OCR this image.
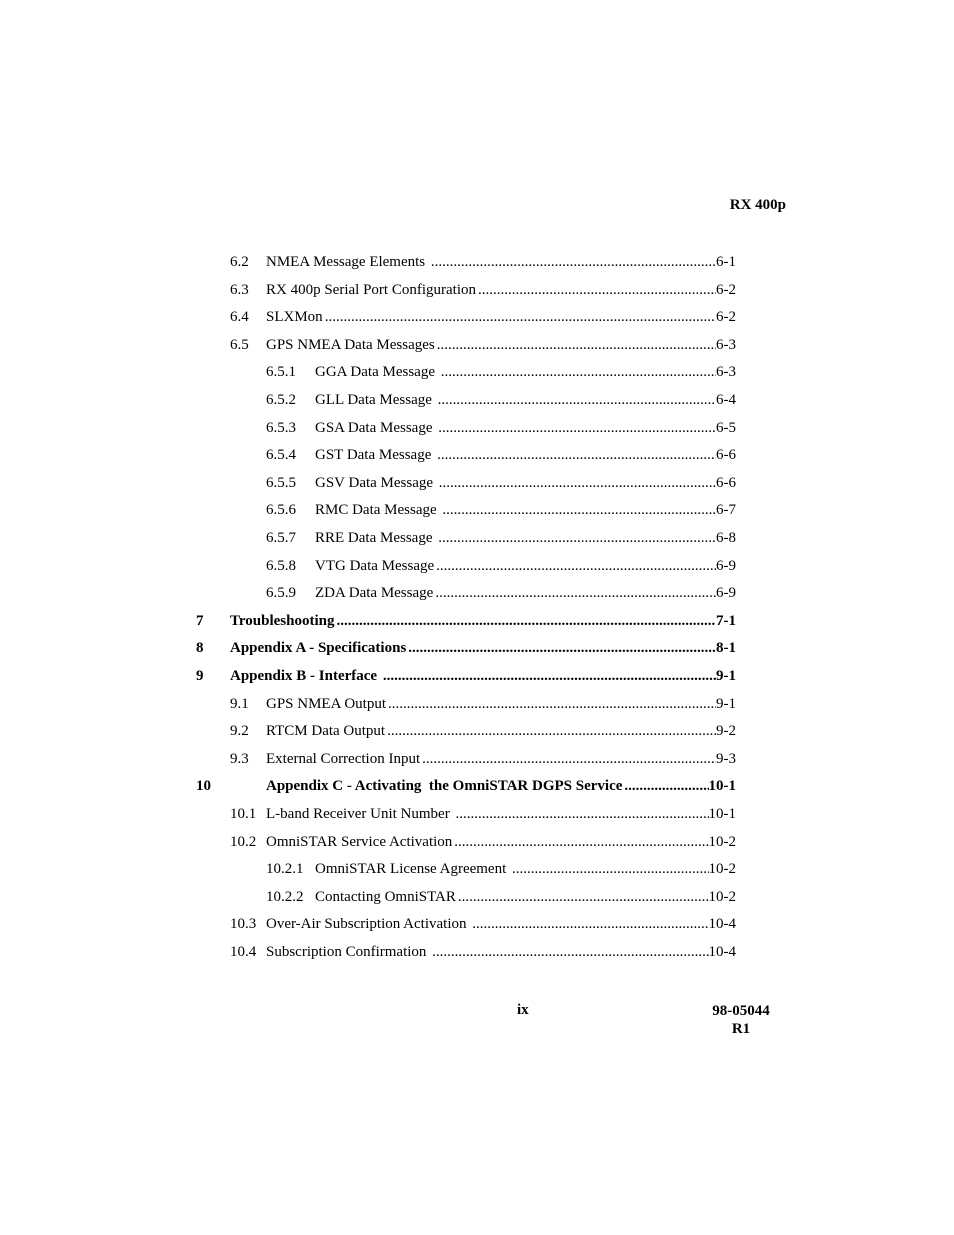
RX 400p
6.2	NMEA Message Elements .....	6-1
6.3	RX 400p Serial Port Configuration .....	6-2
6.4	SLXMon .....	6-2
6.5	GPS NMEA Data Messages .....	6-3
6.5.1	GGA Data Message .....	6-3
6.5.2	GLL Data Message .....	6-4
6.5.3	GSA Data Message .....	6-5
6.5.4	GST Data Message .....	6-6
6.5.5	GSV Data Message .....	6-6
6.5.6	RMC Data Message .....	6-7
6.5.7	RRE Data Message .....	6-8
6.5.8	VTG Data Message .....	6-9
6.5.9	ZDA Data Message .....	6-9
7	Troubleshooting .....	7-1
8	Appendix A - Specifications .....	8-1
9	Appendix B - Interface .....	9-1
9.1	GPS NMEA Output .....	9-1
9.2	RTCM Data Output .....	9-2
9.3	External Correction Input .....	9-3
10	Appendix C - Activating  the OmniSTAR DGPS Service .....	10-1
10.1 L-band Receiver Unit Number .....	10-1
10.2 OmniSTAR Service Activation .....	10-2
10.2.1 OmniSTAR License Agreement .....	10-2
10.2.2 Contacting OmniSTAR .....	10-2
10.3 Over-Air Subscription Activation .....	10-4
10.4 Subscription Confirmation .....	10-4
ix	98-05044
R1
